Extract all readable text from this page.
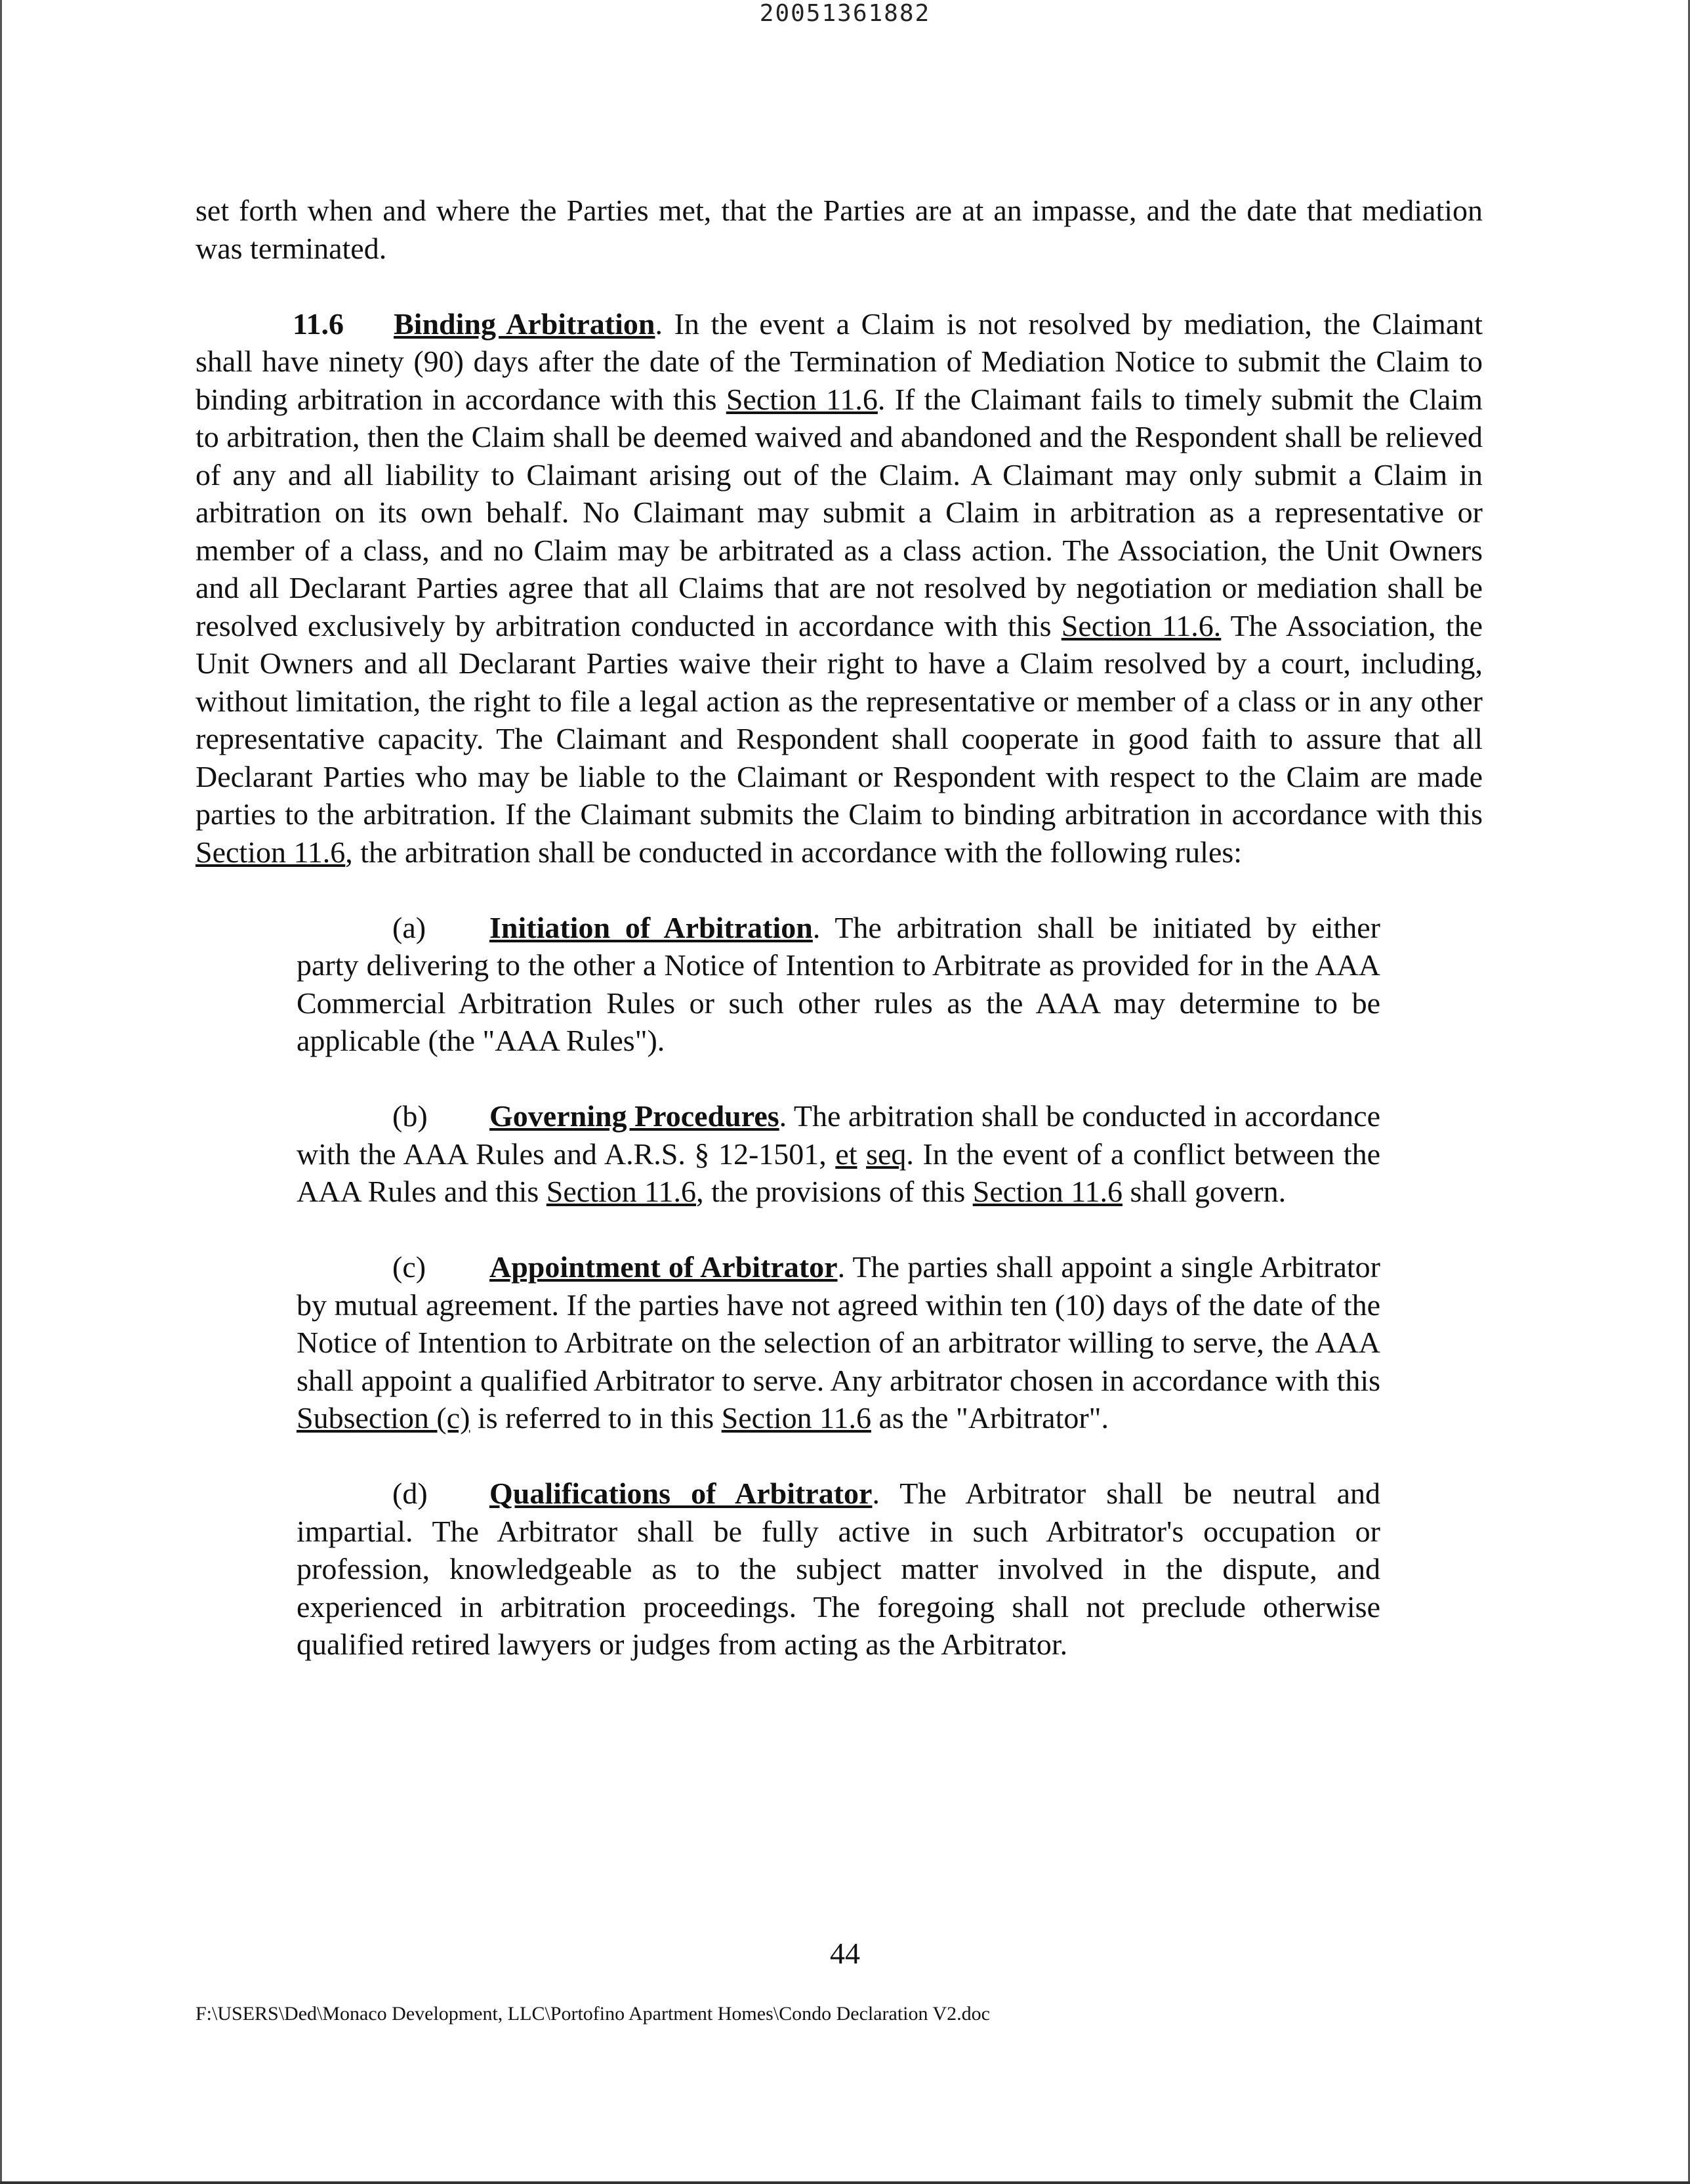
20051361882

set forth when and where the Parties met, that the Parties are at an impasse, and the date that mediation was terminated.

11.6 Binding Arbitration. In the event a Claim is not resolved by mediation, the Claimant shall have ninety (90) days after the date of the Termination of Mediation Notice to submit the Claim to binding arbitration in accordance with this Section 11.6. If the Claimant fails to timely submit the Claim to arbitration, then the Claim shall be deemed waived and abandoned and the Respondent shall be relieved of any and all liability to Claimant arising out of the Claim. A Claimant may only submit a Claim in arbitration on its own behalf. No Claimant may submit a Claim in arbitration as a representative or member of a class, and no Claim may be arbitrated as a class action. The Association, the Unit Owners and all Declarant Parties agree that all Claims that are not resolved by negotiation or mediation shall be resolved exclusively by arbitration conducted in accordance with this Section 11.6. The Association, the Unit Owners and all Declarant Parties waive their right to have a Claim resolved by a court, including, without limitation, the right to file a legal action as the representative or member of a class or in any other representative capacity. The Claimant and Respondent shall cooperate in good faith to assure that all Declarant Parties who may be liable to the Claimant or Respondent with respect to the Claim are made parties to the arbitration. If the Claimant submits the Claim to binding arbitration in accordance with this Section 11.6, the arbitration shall be conducted in accordance with the following rules:

(a) Initiation of Arbitration. The arbitration shall be initiated by either party delivering to the other a Notice of Intention to Arbitrate as provided for in the AAA Commercial Arbitration Rules or such other rules as the AAA may determine to be applicable (the "AAA Rules").

(b) Governing Procedures. The arbitration shall be conducted in accordance with the AAA Rules and A.R.S. § 12-1501, et seq. In the event of a conflict between the AAA Rules and this Section 11.6, the provisions of this Section 11.6 shall govern.

(c) Appointment of Arbitrator. The parties shall appoint a single Arbitrator by mutual agreement. If the parties have not agreed within ten (10) days of the date of the Notice of Intention to Arbitrate on the selection of an arbitrator willing to serve, the AAA shall appoint a qualified Arbitrator to serve. Any arbitrator chosen in accordance with this Subsection (c) is referred to in this Section 11.6 as the "Arbitrator".

(d) Qualifications of Arbitrator. The Arbitrator shall be neutral and impartial. The Arbitrator shall be fully active in such Arbitrator's occupation or profession, knowledgeable as to the subject matter involved in the dispute, and experienced in arbitration proceedings. The foregoing shall not preclude otherwise qualified retired lawyers or judges from acting as the Arbitrator.

44
F:\USERS\Ded\Monaco Development, LLC\Portofino Apartment Homes\Condo Declaration V2.doc
